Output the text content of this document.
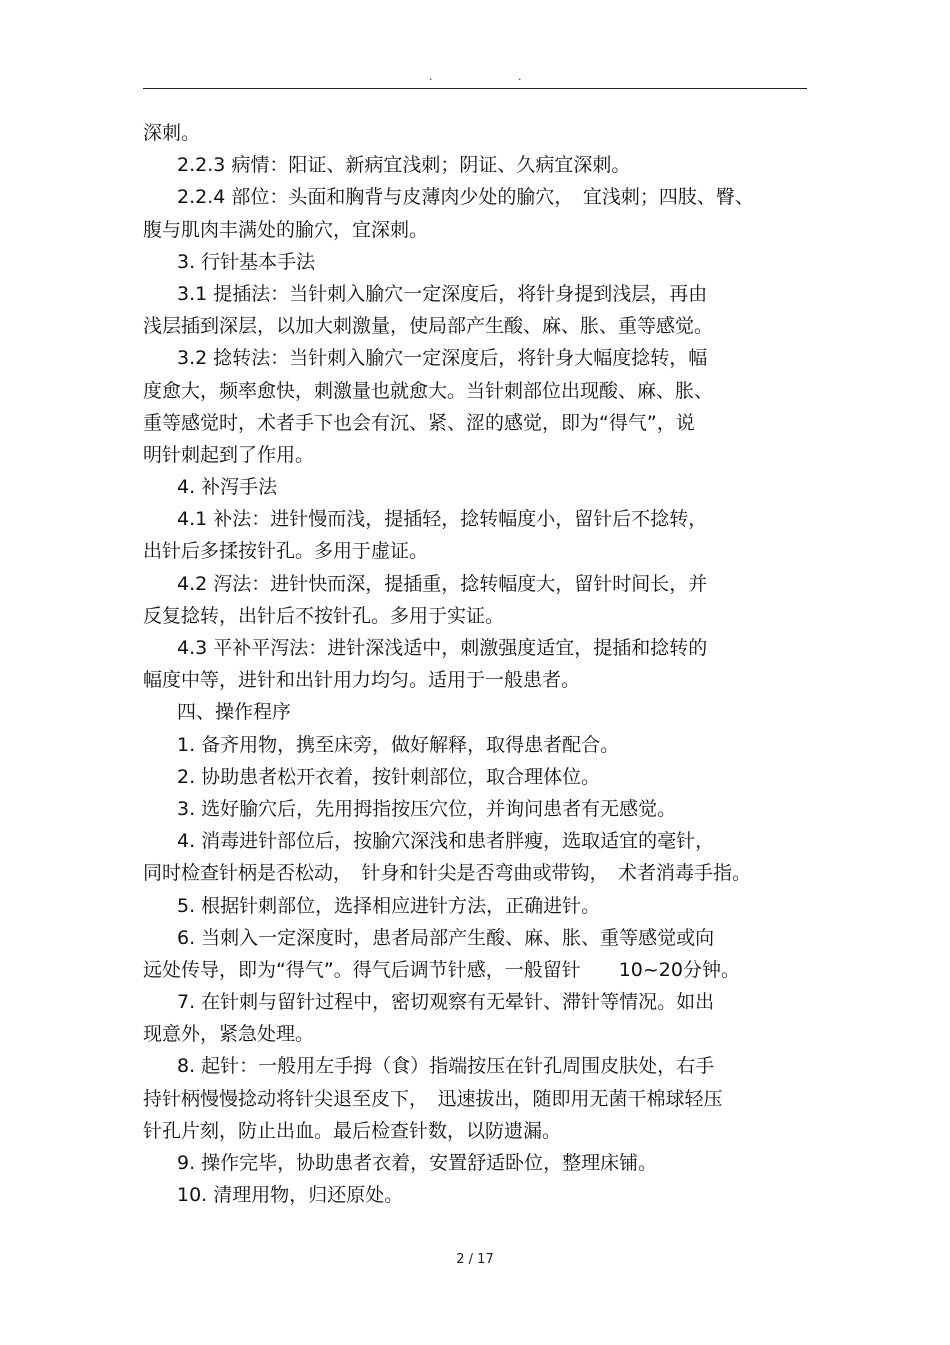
.	.
深刺。
2.2.3 病情：阳证、新病宜浅刺；阴证、久病宜深刺。
2.2.4 部位：头面和胸背与皮薄肉少处的腧穴，　宜浅刺；四肢、臀、
腹与肌肉丰满处的腧穴，宜深刺。
3. 行针基本手法
3.1 提插法：当针刺入腧穴一定深度后，将针身提到浅层，再由
浅层插到深层，以加大刺激量，使局部产生酸、麻、胀、重等感觉。
3.2 捻转法：当针刺入腧穴一定深度后，将针身大幅度捻转，幅
度愈大，频率愈快，刺激量也就愈大。当针刺部位出现酸、麻、胀、
重等感觉时，术者手下也会有沉、紧、涩的感觉，即为“得气”，说
明针刺起到了作用。
4. 补泻手法
4.1 补法：进针慢而浅，提插轻，捻转幅度小，留针后不捻转，
出针后多揉按针孔。多用于虚证。
4.2 泻法：进针快而深，提插重，捻转幅度大，留针时间长，并
反复捻转，出针后不按针孔。多用于实证。
4.3 平补平泻法：进针深浅适中，刺激强度适宜，提插和捻转的
幅度中等，进针和出针用力均匀。适用于一般患者。
四、操作程序
1. 备齐用物，携至床旁，做好解释，取得患者配合。
2. 协助患者松开衣着，按针刺部位，取合理体位。
3. 选好腧穴后，先用拇指按压穴位，并询问患者有无感觉。
4. 消毒进针部位后，按腧穴深浅和患者胖瘦，选取适宜的毫针，
同时检查针柄是否松动，　针身和针尖是否弯曲或带钩，　术者消毒手指。
5. 根据针刺部位，选择相应进针方法，正确进针。
6. 当刺入一定深度时，患者局部产生酸、麻、胀、重等感觉或向
远处传导，即为“得气”。得气后调节针感，一般留针　　10~20分钟。
7. 在针刺与留针过程中，密切观察有无晕针、滞针等情况。如出
现意外，紧急处理。
8. 起针：一般用左手拇（食）指端按压在针孔周围皮肤处，右手
持针柄慢慢捻动将针尖退至皮下，　迅速拔出，随即用无菌干棉球轻压
针孔片刻，防止出血。最后检查针数，以防遗漏。
9. 操作完毕，协助患者衣着，安置舒适卧位，整理床铺。
10. 清理用物，归还原处。
2 / 17
